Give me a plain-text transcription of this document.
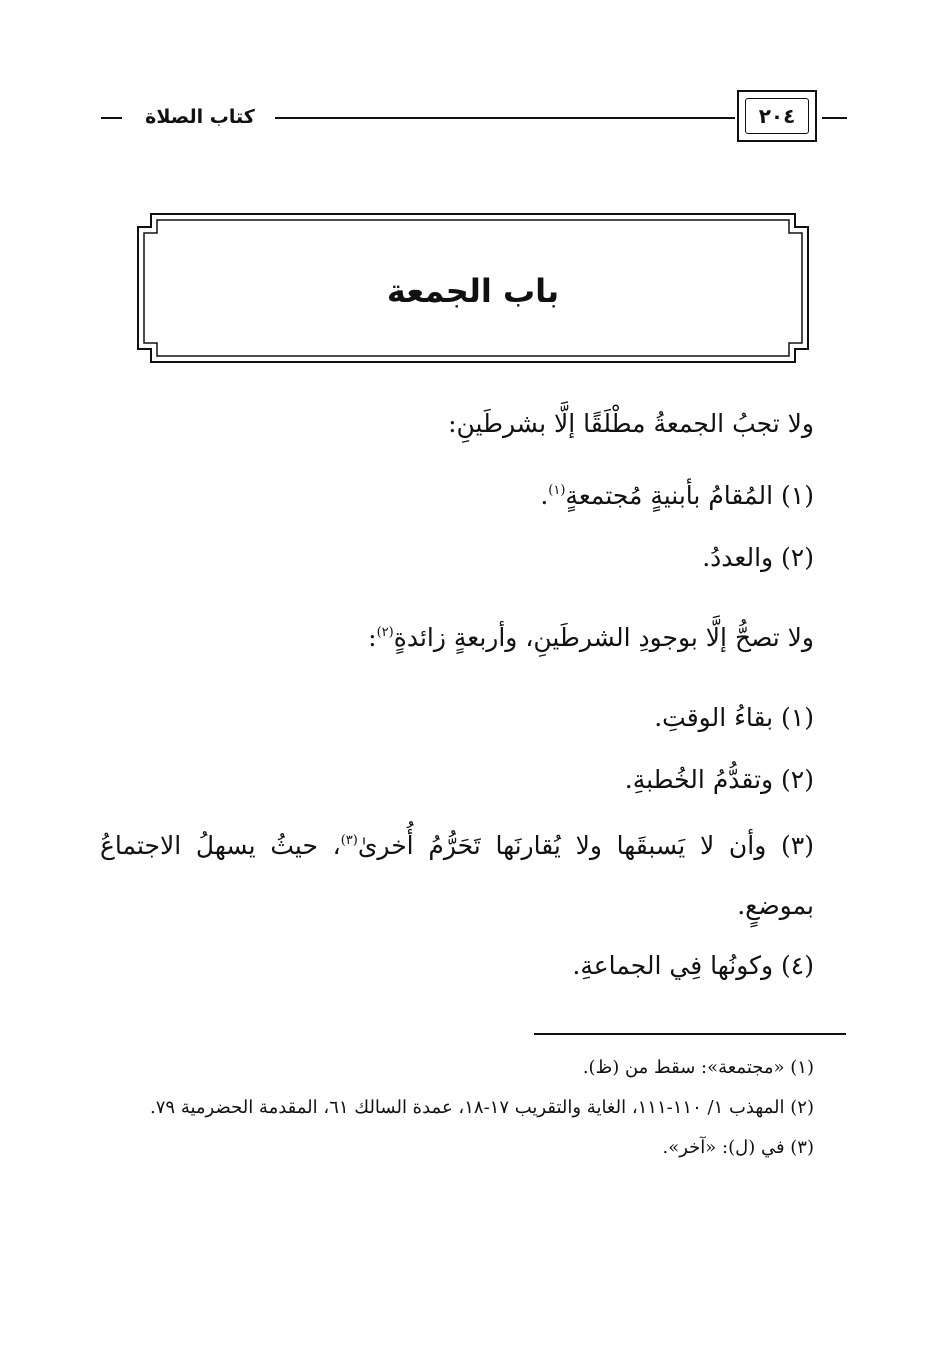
كتاب الصلاة	٢٠٤
باب الجمعة

ولا تجبُ الجمعةُ مطْلَقًا إلَّا بشرطَينِ:

(١) المُقامُ بأبنيةٍ مُجتمعةٍ$^{(١)}$.

(٢) والعددُ.

ولا تصحُّ إلَّا بوجودِ الشرطَينِ، وأربعةٍ زائدةٍ$^{(٢)}$:

(١) بقاءُ الوقتِ.

(٢) وتقدُّمُ الخُطبةِ.

(٣) وأن لا يَسبقَها ولا يُقارنَها تَحَرُّمُ أُخرىٰ$^{(٣)}$، حيثُ يسهلُ الاجتماعُ بموضعٍ.

(٤) وكونُها فِي الجماعةِ.

(١) «مجتمعة»: سقط من (ظ).

(٢) المهذب ١/ ١١٠-١١١، الغاية والتقريب ١٧-١٨، عمدة السالك ٦١، المقدمة الحضرمية ٧٩.

(٣) في (ل): «آخر».
